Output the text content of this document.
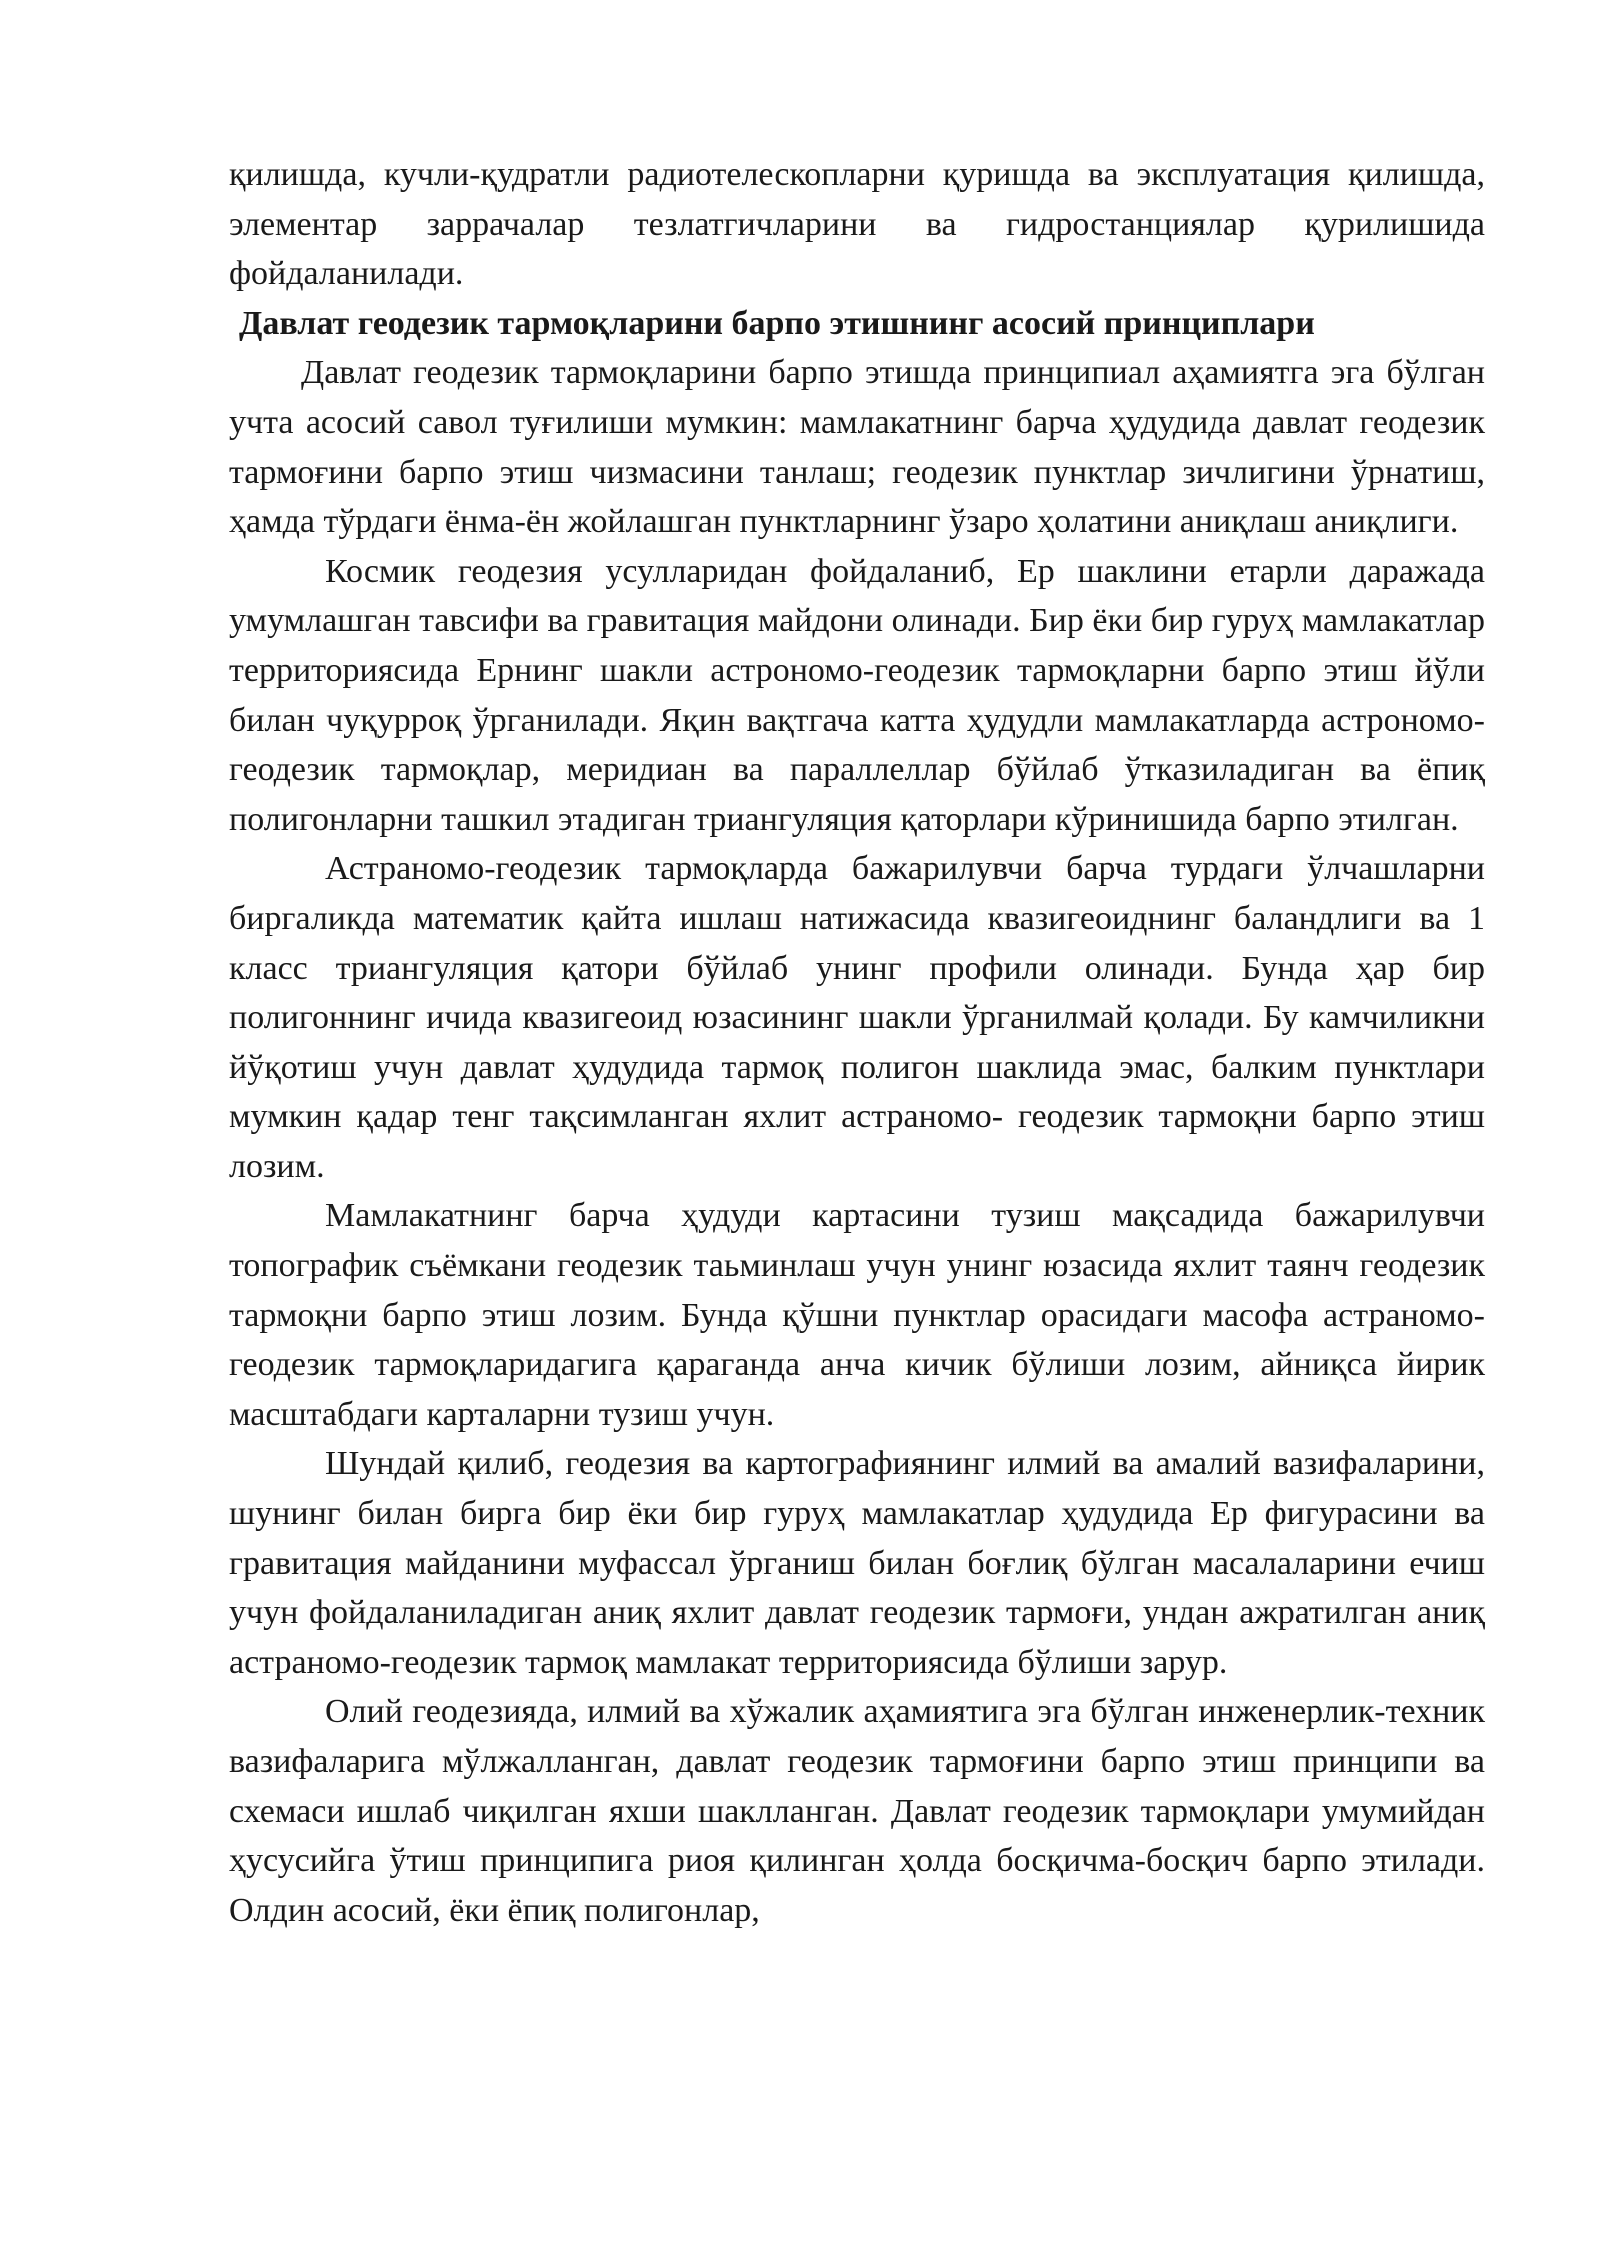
қилишда, кучли-қудратли радиотелескопларни қуришда ва эксплуатация қилишда, элементар заррачалар тезлатгичларини ва гидростанциялар қурилишида фойдаланилади.

Давлат геодезик тармоқларини барпо этишнинг асосий принциплари

Давлат геодезик тармоқларини барпо этишда принципиал аҳамиятга эга бўлган учта асосий савол туғилиши мумкин: мамлакатнинг барча ҳудудида давлат геодезик тармоғини барпо этиш чизмасини танлаш; геодезик пунктлар зичлигини ўрнатиш, ҳамда тўрдаги ёнма-ён жойлашган пунктларнинг ўзаро ҳолатини аниқлаш аниқлиги.

Космик геодезия усулларидан фойдаланиб, Ер шаклини етарли даражада умумлашган тавсифи ва гравитация майдони олинади. Бир ёки бир гуруҳ мамлакатлар территориясида Ернинг шакли астрономо-геодезик тармоқларни барпо этиш йўли билан чуқурроқ ўрганилади. Яқин вақтгача катта ҳудудли мамлакатларда астрономо- геодезик тармоқлар, меридиан ва параллеллар бўйлаб ўтказиладиган ва ёпиқ полигонларни ташкил этадиган триангуляция қаторлари кўринишида барпо этилган.

Астраномо-геодезик тармоқларда бажарилувчи барча турдаги ўлчашларни биргаликда математик қайта ишлаш натижасида квазигеоиднинг баландлиги ва 1 класс триангуляция қатори бўйлаб унинг профили олинади. Бунда ҳар бир полигоннинг ичида квазигеоид юзасининг шакли ўрганилмай қолади. Бу камчиликни йўқотиш учун давлат ҳудудида тармоқ полигон шаклида эмас, балким пунктлари мумкин қадар тенг тақсимланган яхлит астраномо- геодезик тармоқни барпо этиш лозим.

Мамлакатнинг барча ҳудуди картасини тузиш мақсадида бажарилувчи топографик съёмкани геодезик таьминлаш учун унинг юзасида яхлит таянч геодезик тармоқни барпо этиш лозим. Бунда қўшни пунктлар орасидаги масофа астраномо- геодезик тармоқларидагига қараганда анча кичик бўлиши лозим, айниқса йирик масштабдаги карталарни тузиш учун.

Шундай қилиб, геодезия ва картографиянинг илмий ва амалий вазифаларини, шунинг билан бирга бир ёки бир гуруҳ мамлакатлар ҳудудида Ер фигурасини ва гравитация майданини муфассал ўрганиш билан боғлиқ бўлган масалаларини ечиш учун фойдаланиладиган аниқ яхлит давлат геодезик тармоғи, ундан ажратилган аниқ астраномо-геодезик тармоқ мамлакат территориясида бўлиши зарур.

Олий геодезияда, илмий ва хўжалик аҳамиятига эга бўлган инженерлик-техник вазифаларига мўлжалланган, давлат геодезик тармоғини барпо этиш принципи ва схемаси ишлаб чиқилган яхши шаклланган. Давлат геодезик тармоқлари умумийдан ҳусусийга ўтиш принципига риоя қилинган ҳолда босқичма-босқич барпо этилади. Олдин асосий, ёки ёпиқ полигонлар,
